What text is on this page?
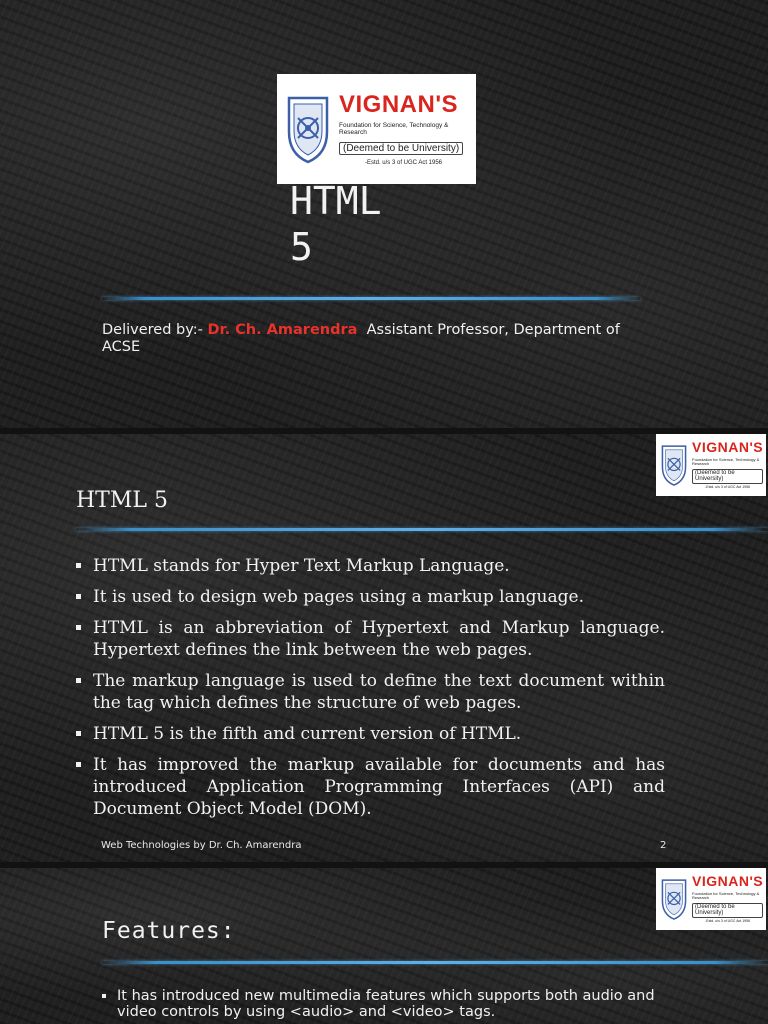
VIGNAN'S
Foundation for Science, Technology & Research
(Deemed to be University)
-Estd. u/s 3 of UGC Act 1956
HTML
5

Delivered by:- Dr. Ch. Amarendra  Assistant Professor, Department of ACSE

VIGNAN'S
Foundation for Science, Technology & Research
(Deemed to be University)
-Estd. u/s 3 of UGC Act 1956
HTML 5
HTML stands for Hyper Text Markup Language.
It is used to design web pages using a markup language.
HTML is an abbreviation of Hypertext and Markup language. Hypertext defines the link between the web pages.
The markup language is used to define the text document within the tag which defines the structure of web pages.
HTML 5 is the fifth and current version of HTML.
It has improved the markup available for documents and has introduced Application Programming Interfaces (API) and Document Object Model (DOM).

Web Technologies by Dr. Ch. Amarendra	2

VIGNAN'S
Foundation for Science, Technology & Research
(Deemed to be University)
-Estd. u/s 3 of UGC Act 1956
Features:
It has introduced new multimedia features which supports both audio and video controls by using <audio> and <video> tags.
